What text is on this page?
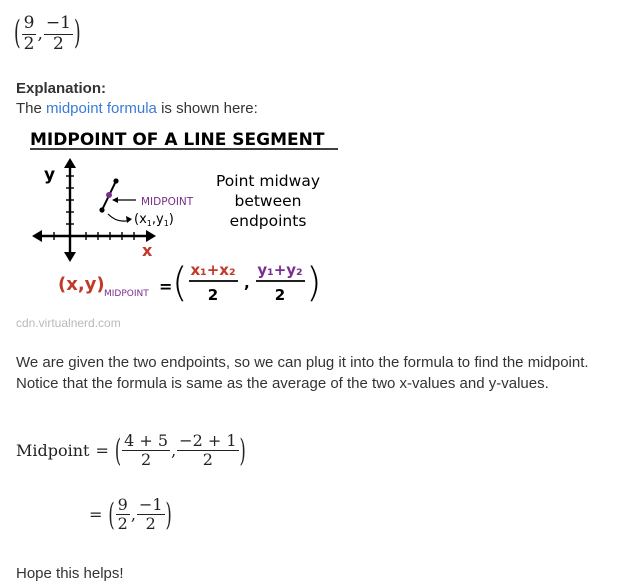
( $\frac{9}{2}$ , $\frac{-1}{2}$ )
Explanation:
The midpoint formula is shown here:
MIDPOINT OF A LINE SEGMENT
y
x
MIDPOINT
$(x_1,y_1)$
Point midway
between
endpoints
(x,y) MIDPOINT = ( x₁+x₂
2
,
y₁+y₂
2 )
cdn.virtualnerd.com
We are given the two endpoints, so we can plug it into the formula to find the midpoint. Notice that the formula is same as the average of the two x-values and y-values.
Midpoint = ( $\frac{4 + 5}{2}$ , $\frac{-2 + 1}{2}$ )
= ( $\frac{9}{2}$ , $\frac{-1}{2}$ )
Hope this helps!
